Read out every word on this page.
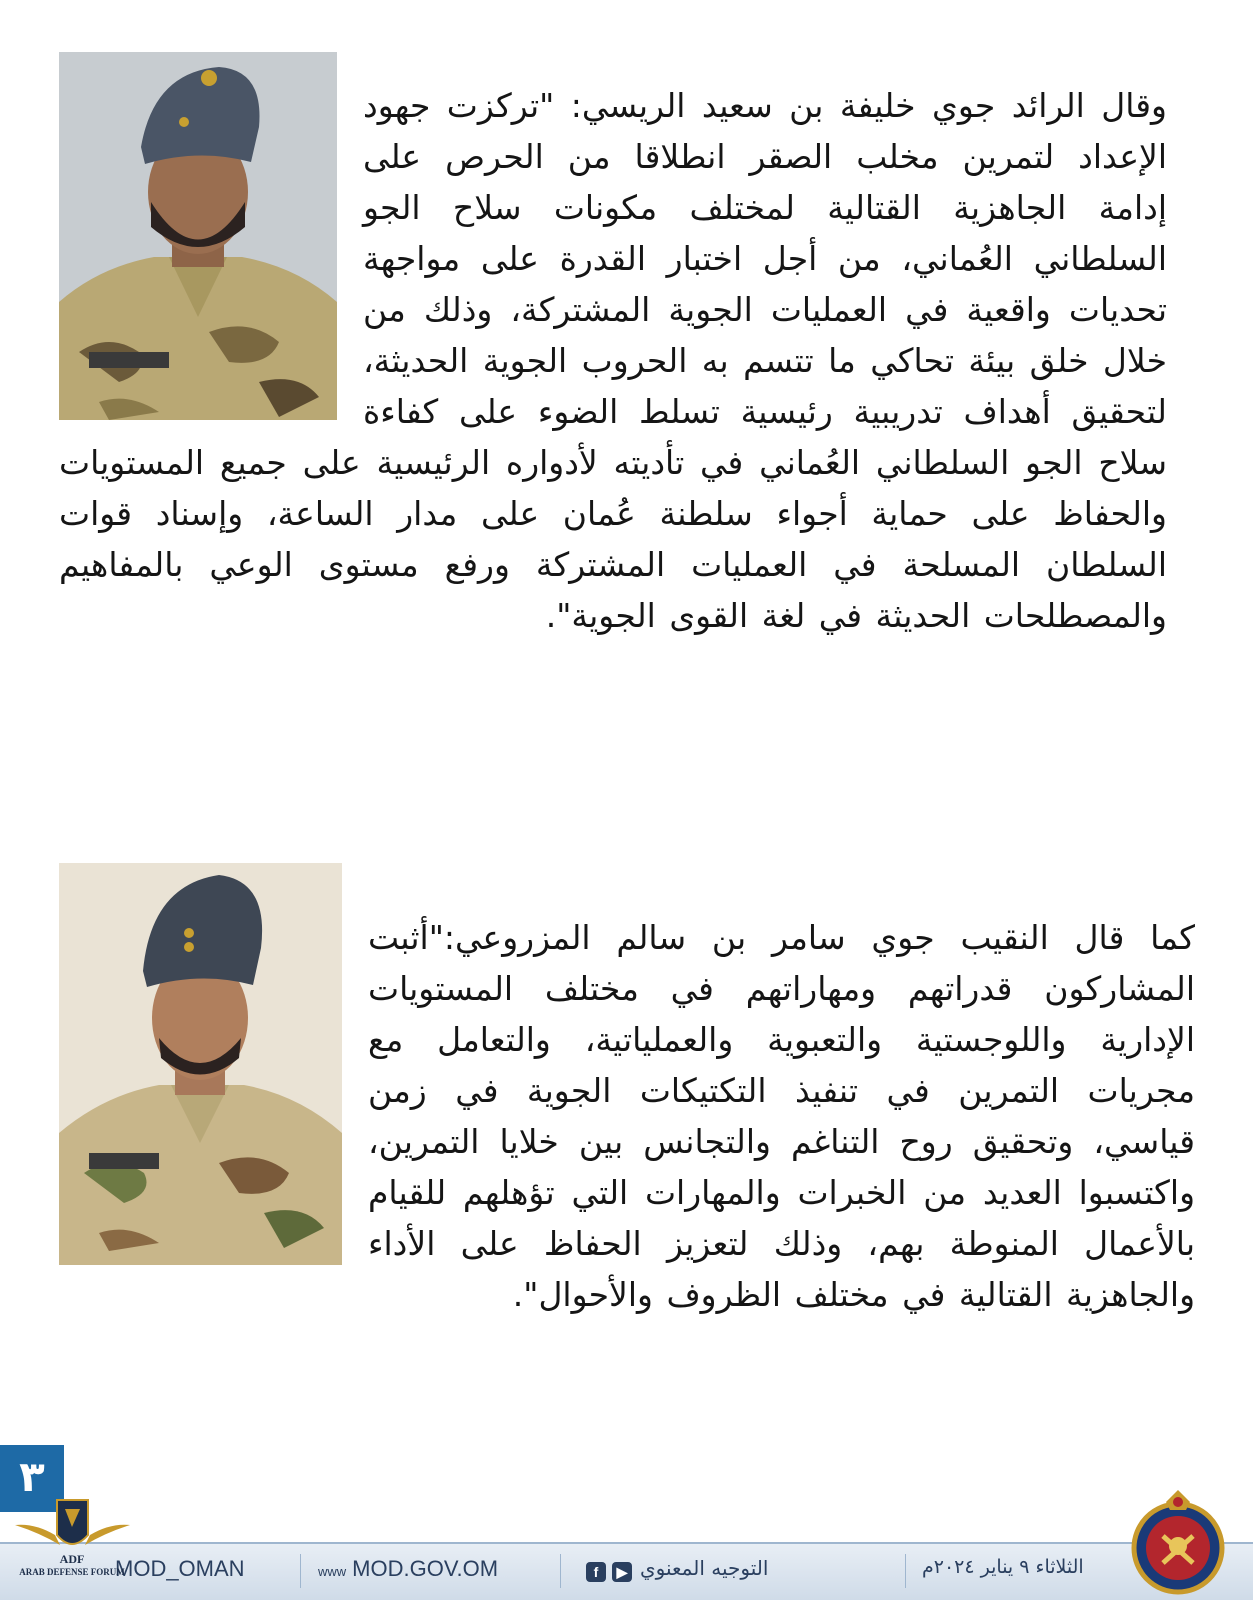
وقال الرائد جوي خليفة بن سعيد الريسي: "تركزت جهود الإعداد لتمرين مخلب الصقر انطلاقا من الحرص على إدامة الجاهزية القتالية لمختلف مكونات سلاح الجو السلطاني العُماني، من أجل اختبار القدرة على مواجهة تحديات واقعية في العمليات الجوية المشتركة، وذلك من خلال خلق بيئة تحاكي ما تتسم به الحروب الجوية الحديثة، لتحقيق أهداف تدريبية رئيسية تسلط الضوء على كفاءة سلاح الجو السلطاني العُماني في تأديته لأدواره الرئيسية على جميع المستويات والحفاظ على حماية أجواء سلطنة عُمان على مدار الساعة، وإسناد قوات السلطان المسلحة في العمليات المشتركة ورفع مستوى الوعي بالمفاهيم والمصطلحات الحديثة في لغة القوى الجوية".

كما قال النقيب جوي سامر بن سالم المزروعي:"أثبت المشاركون قدراتهم ومهاراتهم في مختلف المستويات الإدارية واللوجستية والتعبوية والعملياتية، والتعامل مع مجريات التمرين في تنفيذ التكتيكات الجوية في زمن قياسي، وتحقيق روح التناغم والتجانس بين خلايا التمرين، واكتسبوا العديد من الخبرات والمهارات التي تؤهلهم للقيام بالأعمال المنوطة بهم، وذلك لتعزيز الحفاظ على الأداء والجاهزية القتالية في مختلف الظروف والأحوال".

٣
MOD_OMAN	www MOD.GOV.OM	f ▶ التوجيه المعنوي	الثلاثاء ٩ يناير ٢٠٢٤م
ARAB DEFENSE FORUM
ADF
